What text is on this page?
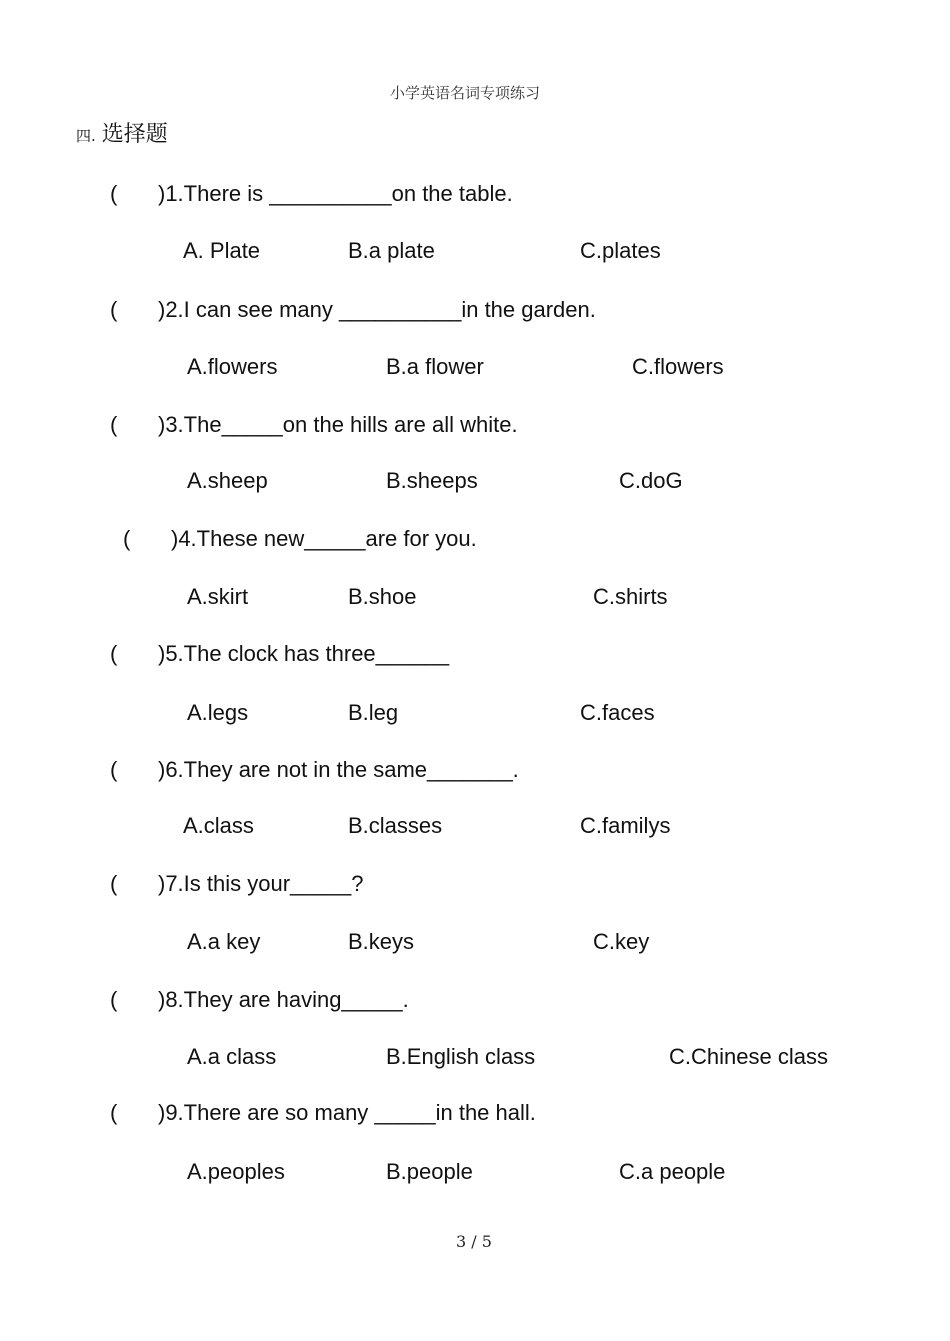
小学英语名词专项练习
四. 选择题
( )1.There is __________on the table.
A. Plate	B.a plate	C.plates
( )2.I can see many __________in the garden.
A.flowers	B.a flower	C.flowers
( )3.The_____on the hills are all white.
A.sheep	B.sheeps	C.doG
( )4.These new_____are for you.
A.skirt	B.shoe	C.shirts
( )5.The clock has three______
A.legs	B.leg	C.faces
( )6.They are not in the same_______.
A.class	B.classes	C.familys
( )7.Is this your_____?
A.a key	B.keys	C.key
( )8.They are having_____.
A.a class	B.English class	C.Chinese class
( )9.There are so many _____in the hall.
A.peoples	B.people	C.a people
3 / 5
